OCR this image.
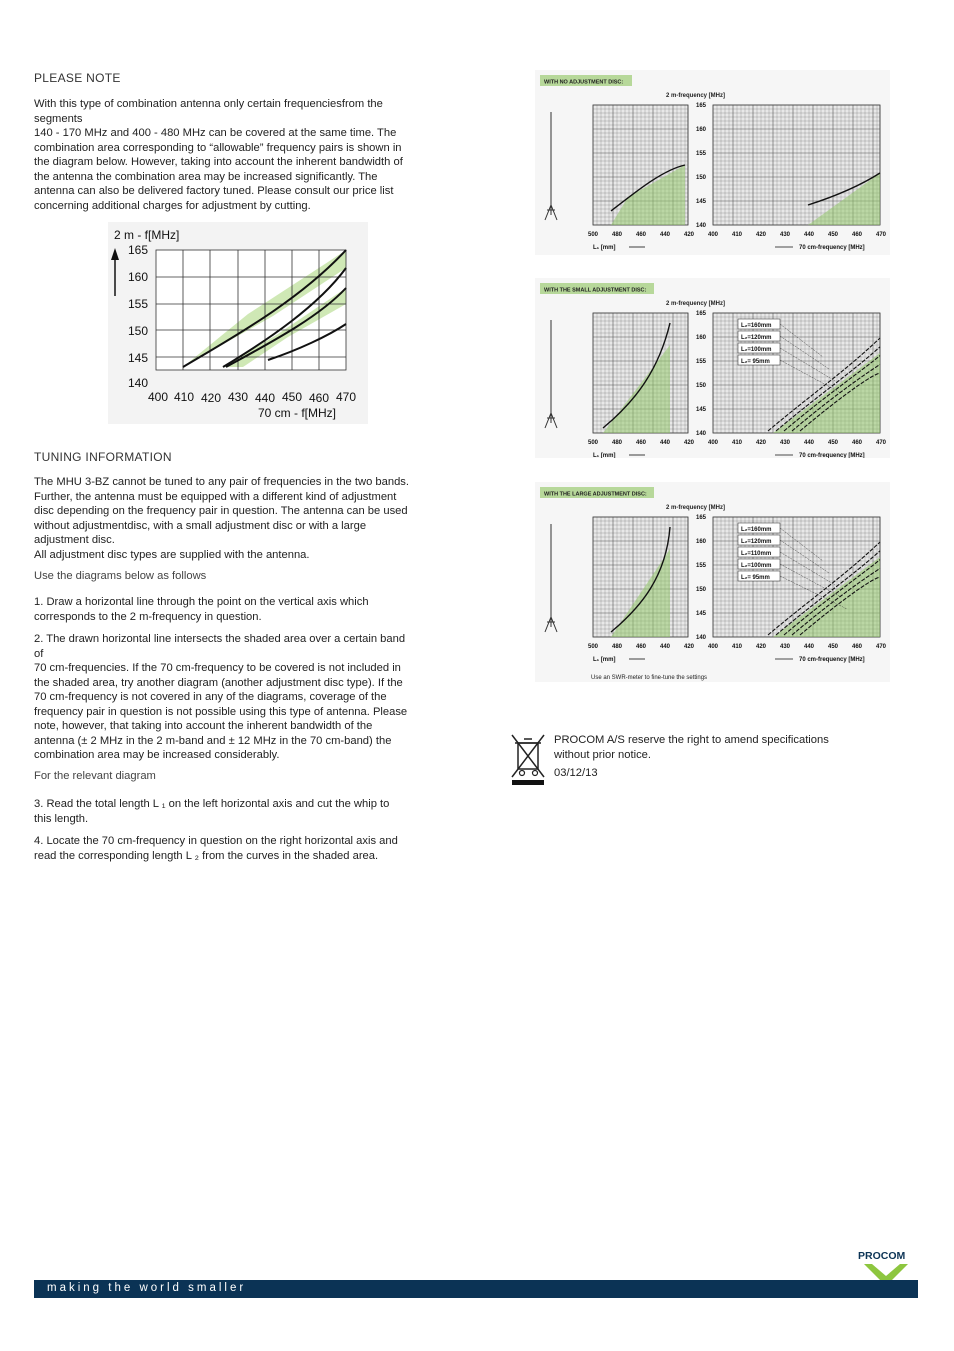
PLEASE NOTE
With this type of combination antenna only certain frequenciesfrom the
segments
140 - 170 MHz and 400 - 480 MHz can be covered at the same time. The
combination area corresponding to “allowable” frequency pairs is shown in
the diagram below. However, taking into account the inherent bandwidth of
the antenna the combination area may be increased significantly. The
antenna can also be delivered factory tuned. Please consult our price list
concerning additional charges for adjustment by cutting.
2 m - f[MHz]
165
160
155
150
145
140
400 410 420 430 440 450 460 470
70 cm - f[MHz]
TUNING INFORMATION
The MHU 3-BZ cannot be tuned to any pair of frequencies in the two bands.
Further, the antenna must be equipped with a different kind of adjustment
disc depending on the frequency pair in question. The antenna can be used
without adjustmentdisc, with a small adjustment disc or with a large
adjustment disc.
All adjustment disc types are supplied with the antenna.
Use the diagrams below as follows
1. Draw a horizontal line through the point on the vertical axis which
corresponds to the 2 m-frequency in question.
2. The drawn horizontal line intersects the shaded area over a certain band
of
70 cm-frequencies. If the 70 cm-frequency to be covered is not included in
the shaded area, try another diagram (another adjustment disc type). If the
70 cm-frequency is not covered in any of the diagrams, coverage of the
frequency pair in question is not possible using this type of antenna. Please
note, however, that taking into account the inherent bandwidth of the
antenna (± 2 MHz in the 2 m-band and ± 12 MHz in the 70 cm-band) the
combination area may be increased considerably.
For the relevant diagram
3. Read the total length L ₁ on the left horizontal axis and cut the whip to
this length.
4. Locate the 70 cm-frequency in question on the right horizontal axis and
read the corresponding length L ₂ from the curves in the shaded area.
WITH NO ADJUSTMENT DISC:
2 m-frequency [MHz]
165
160
155
150
145
140
500 480 460 440 420 400 410 420 430 440 450 460 470
L₁ [mm]	70 cm-frequency [MHz]
WITH THE SMALL ADJUSTMENT DISC:
2 m-frequency [MHz]
L₂=160mm
L₂=120mm
L₂=100mm
L₂= 95mm
165
160
155
150
145
140
500 480 460 440 420 400 410 420 430 440 450 460 470
L₁ [mm]	70 cm-frequency [MHz]
WITH THE LARGE ADJUSTMENT DISC:
2 m-frequency [MHz]
L₂=160mm
L₂=120mm
L₂=110mm
L₂=100mm
L₂= 95mm
165
160
155
150
145
140
500 480 460 440 420 400 410 420 430 440 450 460 470
L₁ [mm]	70 cm-frequency [MHz]
Use an SWR-meter to fine-tune the settings
PROCOM A/S reserve the right to amend specifications
without prior notice.
03/12/13
PROCOM
making the world smaller
